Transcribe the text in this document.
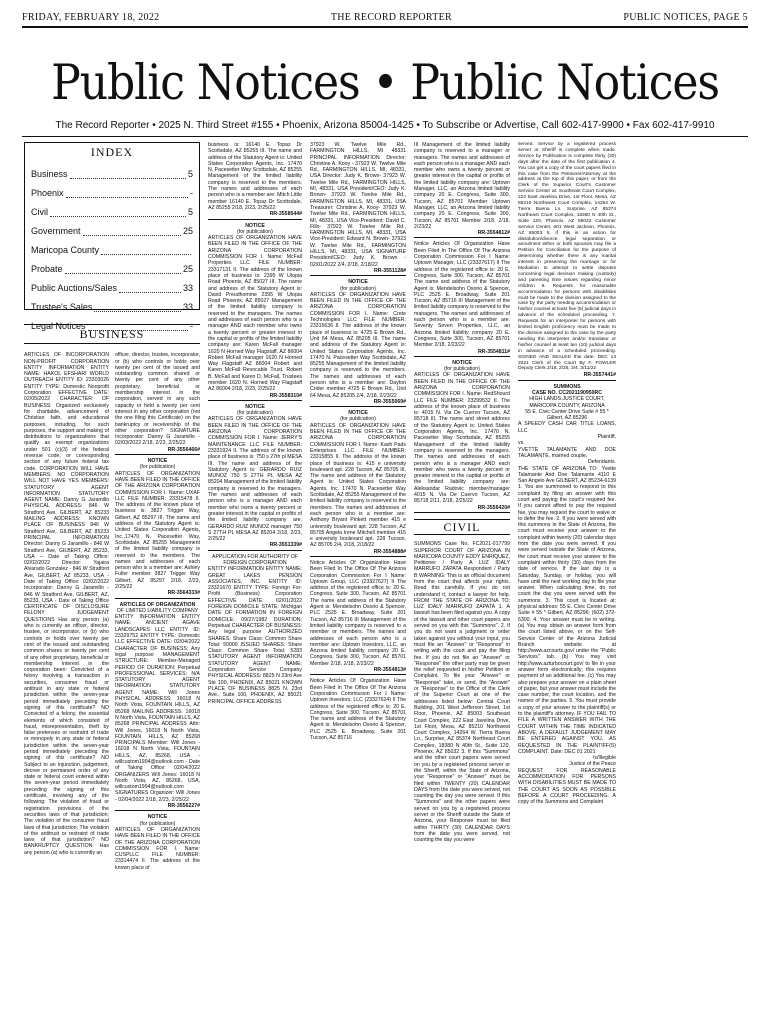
FRIDAY, FEBRUARY 18, 2022	THE RECORD REPORTER	PUBLIC NOTICES, PAGE 5
Public Notices • Public Notices
The Record Reporter • 2025 N. Third Street #155 • Phoenix, Arizona 85004-1425 • To Subscribe or Advertise, Call 602-417-9900 • Fax 602-417-9910
INDEX
Business	5
Phoenix	-
Civil	5
Government	25
Maricopa County
Probate	25
Public Auctions/Sales	33
Trustee's Sales	33
Legal Notices	-
BUSINESS
ARTICLES OF INCORPORATION NON-PROFIT CORPORATION ENTITY INFORMATION ENTITY NAME: HAKOL EFSHARI WORLD OUTREACH ENTITY ID: 23303026 ENTITY TYPE: Domestic Nonprofit Corporation EFFECTIVE DATE: 02/05/2022 CHARACTER OF BUSINESS: Organized exclusively for charitable, advancement of Christian faith, and educational purposes, including, for such purposes, the support and making of distributions to organizations that qualify as exempt organizations under 501 (c)(3) of the federal revenue code, or corresponding section of any future federal tax code. CORPORATION WILL HAVE MEMBERS: NO CORPORATION WILL NOT HAVE YES MEMBERS: STATUTORY AGENT INFORMATION STATUTORY AGENT NAME: Danny G Jaramillo PHYSICAL ADDRESS: 846 W Stratford Ave, GILBERT, AZ 85233 MAILING ADDRESS: KNOWN PLACE OF BUSINESS 846 W Stratford Ave, GILBERT, AZ 85233 PRINCIPAL INFORMATION Director: Danny G Jaramillo - 846 W Stratford Ave, GILBERT, AZ 85233, USA -- Date of Taking Office: 02/02/2022 Director: Yajaira Alvarado Gonzalez - 846 W Stratford Ave, GILBERT, AZ 85233, USA - Date of Taking Office: 02/02/2022 Incorporator: Danny G Jaramillo - 846 W Stratford Ave, GILBERT, AZ, 85233, USA - Date of Taking Office CERTIFICATE OF DISCLOSURE FELONY JUDGEMENT QUESTIONS Has any person (a) who is currently an officer, director, trustee, or incorporator, or (b) who controls or holds over twenty per cent of the issued and outstanding common shares or twenty per cent of any other proprietary, beneficial or membership interest in the corporation been: Convicted of a felony involving a transaction in securities, consumer fraud or antitrust in any state or federal jurisdiction within the seven-year period immediately preceding the signing of this certificate? NO Convicted of a felony, the essential elements of which consisted of fraud, misrepresentation, theft by false pretenses or restraint of trade or monopoly in any state or federal jurisdiction within the seven-year period immediately preceding the signing of this certificate? NO Subject to an injunction, judgement, decree or permanent order of any state or federal court entered within the seven-year period immediately preceding the signing of this certificate, involving any of the following: The violation of fraud or registration provisions of the securities laws of that jurisdiction; The violation of the consumer fraud laws of that jurisdiction; The violation of the antitrust or restraint of trade laws of that jurisdiction? NO BANKRUPTCY QUESTION: Has any person (a) who is currently an
officer, director, trustee, incorporator, or (b) who controls or holds over twenty per cent of the issued and outstanding common shared or twenty per cent of any other proprietary, beneficial or membership interest in the corporation, served in any such capacity or held a twenty per cent interest in any other corporation (not the one filing this Certificate) on the bankruptcy or receivership of the other corporation? SIGNATURE Incorporator: Danny G Jaramillo - 02/03/2022 2/18, 2/23, 2/25/22
RR-3556466#
NOTICE
(for publication)
ARTICLES OF ORGANIZATION HAVE BEEN FILED IN THE OFFICE OF THE ARIZONA CORPORATION COMMISSION FOR I. Name: UXAF LLC FILE NUMBER: 23315478 II. The address of the known place of business is: 3827 Trigger Way, Gilbert, AZ 85297 III. The name and address of the Statutory Agent is: United States Corporation Agents, Inc.,17470 N. Pacesetter Way, Scottsdale, AZ 85255 Management of the limited liability company is reserved to the members. The names and addresses of each person who is a member are: Ashley Fuller member 3827 Trigger Way Gilbert, AZ 85297 2/18, 2/23, 2/25/22
RR-3564333#
ARTICLES OF ORGANIZATION
OF LIMITED LIABILITY COMPANY
ENTITY INFORMATION ENTITY NAME: ANCIENT AGAVE LANDSCAPES LLC ENTITY ID: 23329752 ENTITY TYPE: Domestic LLC EFFECTIVE DATE: 02/04/2022 CHARACTER OF BUSINESS: Any legal purpose MANAGEMENT STRUCTURE: Member-Managed PERIOD OF DURATION: Perpetual PROFESSIONAL SERVICES: N/A STATUTORY AGENT INFORMATION STATUTORY AGENT NAME: Will Jones PHYSICAL ADDRESS: 16018 N North Vista, FOUNTAIN HILLS, AZ 85268 MAILING ADDRESS: 16018 N North Vista, FOUNTAIN HILLS, AZ 85268 PRINCIPAL ADDRESS Attn: Will Jones, 16018 N North Vista, FOUNTAIN HILLS, AZ 85268 PRINCIPALS Member: Will Jones - 16018 N North Vista, FOUNTAIN HILLS, AZ, 85268, USA - willcustom1994@outlook.com - Date of Taking Office: 02/04/2022 ORGANIZERS Will Jones: 16018 N North Vista, AZ, 85268, USA, willcustom1994@outlook.com SIGNATURES Organizer: Will Jones - 02/04/2022 2/18, 2/23, 2/25/22
RR-3556227#
NOTICE
(for publication)
ARTICLES OF ORGANIZATION HAVE BEEN FILED IN THE OFFICE OF THE ARIZONA CORPORATION COMMISSION FOR I. Name: CUSPLLC FILE NUMBER: 23314474 II. The address of the known place of
business is: 16140 E. Topaz Dr Scottsdale, AZ 85255 III. The name and address of the Statutory Agent is: United States Corporation Agents, Inc. 17470 N. Pacesetter Way Scottsdale, AZ 85255 Management of the limited liability company is reserved to the members. The names and addresses of each person who is a member are: Mitch Little member 16140 E. Topaz Dr Scottsdale, AZ 85255 2/18, 2/23, 2/25/22
RR-3558544#
NOTICE
(for publication)
ARTICLES OF ORGANIZATION HAVE BEEN FILED IN THE OFFICE OF THE ARIZONA CORPORATION COMMISSION FOR I. Name: McFall Properties LLC FILE NUMBER: 23317131 II. The address of the known place of business is: 2395 W Utopia Road Phoenix, AZ 85027 III. The name and address of the Statutory Agent is: David Preudhomme 2395 W Utopia Road Phoenix, AZ 85027 Management of the limited liability company is reserved to the managers. The names and addresses of each person who is a manager AND each member who owns a twenty percent or greater interest in the capital or profits of the limited liability company are: Karen McFall manager 1620 N Horned Way Flagstaff, AZ 86004 Robert McFall manager 1620 N Horned Way Flagstaff AZ 86004 Robert and Karen McFall Revocable Trust, Robert B. McFall and Karen D. McFall, Trustees member 1620 N. Horned Way Flagstaff AZ 86004 2/18, 2/23, 2/25/22
RR-3558310#
NOTICE
(for publication)
ARTICLES OF ORGANIZATION HAVE BEEN FILED IN THE OFFICE OF THE ARIZONA CORPORATION COMMISSION FOR I. Name: JERRY'S MAINTENANCE LLC FILE NUMBER: 23331924 II. The address of the known place of business is: 750 s 27th pl MESA III. The name and address of the Statutory Agent is: GERARDO RUIZ MUNOZ 750 S 27TH PL MESA AZ 85204 Management of the limited liability company is reserved to the managers. The names and addresses of each person who is a manager AND each member who owns a twenty percent or greater interest in the capital or profits of the limited liability company are: GERARDO RUIZ MUNOZ manager 750 S 27TH PL MESA AZ 85204 2/18, 2/23, 2/25/22
RR-3551339#
APPLICATION FOR AUTHORITY OF FOREIGN CORPORATION
ENTITY INFORMATION ENTITY NAME: GREAT LAKES PENSION ASSOCIATES, INC. ENTITY ID: 23321670 ENTITY TYPE: Foreign For-Profit (Business) Corporation EFFECTIVE DATE: 02/01/2022 FOREIGN DOMICILE STATE: Michigan DATE OF FORMATION IN FOREIGN DOMICILE: 09/27/1982 DURATION: Perpetual CHARACTER OF BUSINESS: Any legal purpose AUTHORIZED SHARES: Share Class: Common Share Total: 50000 ISSUED SHARES: Share Class: Common Share Total: 5283 STATUTORY AGENT INFORMATION STATUTORY AGENT NAME: Corporation Service Company PHYSICAL ADDRESS: 8825 N 23rd Ave Ste 100, PHOENIX, AZ 85021 KNOWN PLACE OF BUSINESS 8825 N. 23rd Ave., Suite 100, PHOENIX, AZ 85021 PRINCIPAL OFFICE ADDRESS
37923 W. Twelve Mile Rd., FARMINGTON HILLS, MI 48331 PRINCIPAL INFORMATION Director: Christine A. Kooy - 37923 W. Twelve Mile Rd., FARMINGTON HILLS, MI, 48331, USA Director: Judy K. Brown- 37923 W. Twelve Mile Rd., FARMINGTON HILLS, MI, 48331, USA President/CEO: Judy K. Brown- 37923 W. Twelve Mile Rd., FARMINGTON HILLS, MI, 48331, USA Treasurer: Christine A. Kooy- 37923 W. Twelve Mile Rd., FARMINGTON HILLS, MI, 48331, USA Vice-President: David C. Fillo- 37923 W. Twelve Mile Rd., FARMINGTON HILLS, MI, 48331, USA Vice-President: Edward N. Brown- 37923 W. Twelve Mile Rd., FARMINGTON HILLS, MI, 48331, USA SIGNATURE President/CEO: Judy K. Brown - 02/01/2022 2/4, 2/18, 2/18/22
RR-3551128#
NOTICE
(for publication)
ARTICLES OF ORGANIZATION HAVE BEEN FILED IN THE OFFICE OF THE ARIZONA CORPORATION COMMISSION FOR I. Name: Crete Technologies LLC FILE NUMBER: 23315636 II. The address of the known place of business is: 4725 E Brown Rd., Unit 64 Mesa, AZ 85205 III. The name and address of the Statutory Agent is: United States Corporation Agents, Inc. 17470 N. Pacesetter Way Scottsdale, AZ 85255 Management of the limited liability company is reserved to the members. The names and addresses of each person who is a member are: Dayton Crider member 4725 E Brown Rd., Unit 64 Mesa, AZ 85205 2/4, 2/18, 2/23/22
RR-3555069#
NOTICE
(for publication)
ARTICLES OF ORGANIZATION HAVE BEEN FILED IN THE OFFICE OF THE ARIZONA CORPORATION COMMISSION FOR I. Name: Kash Pads Enterprises LLC FILE NUMBER: 23315855 II. The address of the known place of business is: 415 e university boulevard apt. 228 Tucson, AZ 85705 III. The name and address of the Statutory Agent is: United States Corporation Agents, Inc. 17470 N. Pacesetter Way Scottsdale, AZ 85255 Management of the limited liability company is reserved to the members. The names and addresses of each person who is a member are: Anthony Bryant Pinkett member 415 e university boulevard apt. 228 Tucson, AZ 85705 Angela Irene Mitchell member 415 e university boulevard apt. 228 Tucson, AZ 85705 2/4, 2/18, 2/18/22
RR-3554888#
Notice Articles Of Organization Have Been Filed In The Office Of The Arizona Corporation Commission For I Name: Uptown Group, LLC (23327627) II The address of the registered office is: 20 E. Congress, Suite 300, Tucson, AZ 85701 The name and address of the Statutory Agent is: Mendelsohn Osorio & Spencer, PLC 2525 E. Broadway, Suite 201 Tucson, AZ 85716 III Management of the limited liability company is reserved to a member or members. The names and addresses of each person who is a member are: Uptown Investors, LLC, an Arizona limited liability company 20 E. Congress, Suite 300, Tucson, AZ 85701 Member 2/18, 2/18, 2/23/22
RR-3554813#
Notice Articles Of Organization Have Been Filed In The Office Of The Arizona Corporation Commission For I Name: Uptown Investors, LLC (23327624) II The address of the registered office is: 20 E. Congress, Suite 300, Tucson, AZ 85701 The name and address of the Statutory Agent is: Mendelsohn Osorio & Spencer, PLC 2525 E. Broadway, Suite 201 Tucson, AZ 85716
III Management of the limited liability company is reserved to a manager or managers. The names and addresses of each person who is a manager AND each member who owns a twenty percent or greater interest in the capital or profits of the limited liability company are: Uptown Manager, LLC, an Arizona limited liability company 20 E. Congress, Suite 300, Tucson, AZ 85701 Member Uptown Manager, LLC, an Arizona limited liability company 20 E. Congress, Suite 300, Tucson, AZ 85701 Member 2/18, 2/18, 2/23/22
RR-3554812#
Notice Articles Of Organization Have Been Filed In The Office Of The Arizona Corporation Commission For I Name: Uptown Manager, LLC (23327617) II The address of the registered office is: 20 E. Congress, Suite 300, Tucson, AZ 85701 The name and address of the Statutory Agent is: Mendelsohn Osorio & Spencer, PLC 2525 E. Broadway, Suite 201 Tucson, AZ 85716 III Management of the limited liability company is reserved to the managers. The names and addresses of each person who is a member are: Seventy Seven Properties, LLC, an Arizona limited liability company 20 E. Congress, Suite 300, Tucson, AZ 85701 Member 2/18, 2/23/22
RR-3554811#
NOTICE
(for publication)
ARTICLES OF ORGANIZATION HAVE BEEN FILED IN THE OFFICE OF THE ARIZONA CORPORATION COMMISSION FOR I. Name: RedShourd LLC FILE NUMBER: 23299532 II. The address of the known place of business is: 4015 N. Via De Cuervo Tucson, AZ 85718 III. The name and street address of the Statutory Agent is: United States Corporation Agents, Inc. 17470 N. Pacesetter Way Scottsdale, AZ 85255 Management of the limited liability company is reserved to the managers. The names and addresses of each person who is a manager AND each member who owns a twenty percent or greater interest in the capital or profits of the limited liability company are: Aleksandar Radovic member/manager 4015 N. Via De Cuervo Tucson, AZ 85718 2/11, 2/18, 2/25/22
RR-3556420#
CIVIL
SUMMONS Case No. FC2021-017799 SUPERIOR COURT OF ARIZONA IN MARICOPA COUNTY EDDY ENRIQUEZ, Petitioner / Party A LUZ IDALY MARRUFO ZAPATA Respondent / Party B WARNING: This is an official document from the court that affects your rights. Read this carefully. If you do not understand it, contact a lawyer for help. FROM THE STATE OF ARIZONA TO: LUZ IDALY MARRUFO ZAPATA 1. A lawsuit has been filed against you. A copy of the lawsuit and other court papers are served on you with this "Summons". 2. If you do not want a judgment or order taken against you without your input, you must file an "Answer" or "Response" in writing with the court and pay the filing fee. If you do not file an "Answer" or "Response" the other party may be given the relief requested in his/her Petition or Complaint. To file your "Answer" or "Response" take, or send, the "Answer" or "Response" to the Office of the Clerk of the Superior Court at one of the addresses listed below: Central Court Building, 201 West Jefferson Street, 1st Floor, Phoenix, AZ 85003 Southeast Court Complex, 222 East Javelina Drive, 1st Floor, Mesa, AZ 85210 Northwest Court Complex, 14264 W. Tierra Buena Ln., Surprise, AZ 85374 Northeast Court Complex, 18380 N 40th St., Suite 120, Phoenix, AZ 85032 3. If this "Summons" and the other court papers were served on you by a registered process server or the Sheriff, within the State of Arizona, your "Response" or "Answer" must be filed within TWENTY (20) CALENDAR DAYS from the date you were served, not counting the day you were served. If this "Summons" and the other papers were served on you by a registered process server or the Sheriff outside the State of Arizona, your Response must be filed within THIRTY (30) CALENDAR DAYS from the date you were served, not counting the day you were
served. Service by a registered process server or Sheriff is complete when made. Service by Publication is complete thirty (30) days after the date of the first publication 4. You can get a copy of the court papers filed in this case from the Petitioner/Attorney at the address at the top of this paper, or from the Clerk of the Superior Court's Customer Service Center at: Southeast Court Complex, 222 East Javelina Drive, 1st Floor, Mesa, AZ 85210 Northwest Court Complex, 14264 W. Tierra Buena Ln. Surprise, AZ 85374 Northeast Court Complex, 18380 N 40th St., Suite 120, Phoenix, AZ 85032 Customer Service Center, 601 West Jackson, Phoenix, AZ 85003 5. If this is an action for dissolution/divorce, legal separation or annulment either or both spouses may file a Petition for Conciliation for the purpose of determining whether there is any marital interest in preserving the marriage or for Mediation to attempt to settle disputes concerning legal decision making (custody) and parenting time issues regarding minor children 6. Requests for reasonable accommodation for persons with disabilities must be made to the division assigned to the case by the party needing accommodation or his/her counsel at least five (5) judicial days in advance of the scheduled proceeding. 7. Requests for an interpreter for persons with limited English proficiency must be made to the division assigned to the case by the party needing the interpreter and/or translator or his/her counsel at least ten (10) judicial days in advance of a scheduled proceeding. SIGNED AND SEALED this date: DEC 13 2021 Clerk of the Court By F. FOWLER Deputy Clerk 2/18, 2/25, 3/4, 3/11/22
RR-3557441#
SUMMONS
CASE NO. CC2021190950RC
HIGH LANDS JUSTICE COURT, MARICOPA COUNTY, ARIZONA
55 E. Civic Center Drive Suite # 55 * Gilbert, AZ 85296
A SPEEDY CASH CAR TITLE LOANS, LLC
Plaintiff,
vs.
YVETTE TALAMANTE AND DOE TALAMANTE, married couple,
Defendants.
THE STATE OF ARIZONA TO: Yvette Talamante And Doe Talamante 4110 E San Angelo Ave GILBERT, AZ 85234-6139 1. You are summoned to respond to this complaint by filing an answer with this court and paying the court's required fee. If you cannot afford to pay the required fee, you may request the court to waive or to defer the fee. 2. If you were served with this summons in the State of Arizona, the court must receive your answer to the complaint within twenty (20) calendar days from the date you were served. If you were served outside the State of Arizona, the court must receive your answer to the complaint within thirty (30) days from the date of service. If the last day is a Saturday, Sunday, or holiday, you will have until the next working day to file your answer. When calculating time, do not count the day you were served with the summons. 3. This court is located at: physical address: 55 E. Civic Center Drive Suite # 55 * Gilbert, AZ 85296; (602) 372-6300. 4. Your answer must be in writing. (a) You may obtain an answer form from the court listed above, or on the Self-Service Center of the Arizona Judicial Branch website at http://www.azcourts.gov/ under the "Public Services" tab. (b) You may visit http://www.azturbocourt.gov/ to file in your answer form electronically; this requires payment of an additional fee. (c) You may also prepare your answer on a plain sheet of paper, but your answer must include the case number, the court location, and the names of the parties. 5. You must provide a copy of your answer to the plaintiff(s) or to the plaintiff's attorney. IF YOU FAIL TO FILE A WRITTEN ANSWER WITH THE COURT WITHIN THE TIME INDICATED ABOVE, A DEFAULT JUDGEMENT MAY BE ENTERED AGAINST YOU, AS REQUESTED IN THE PLAINTIFF(S) COMPLAINT. Date: DEC 01 2021
/s/Illegible
Justice of the Peace
REQUEST FOR REASONABLE ACCOMMODATION FOR PERSONS WITH DISABILITIES MUST BE MADE TO THE COURT AS SOON AS POSSIBLE BEFORE A COURT PROCEEDING. A copy of the Summons and Complaint
